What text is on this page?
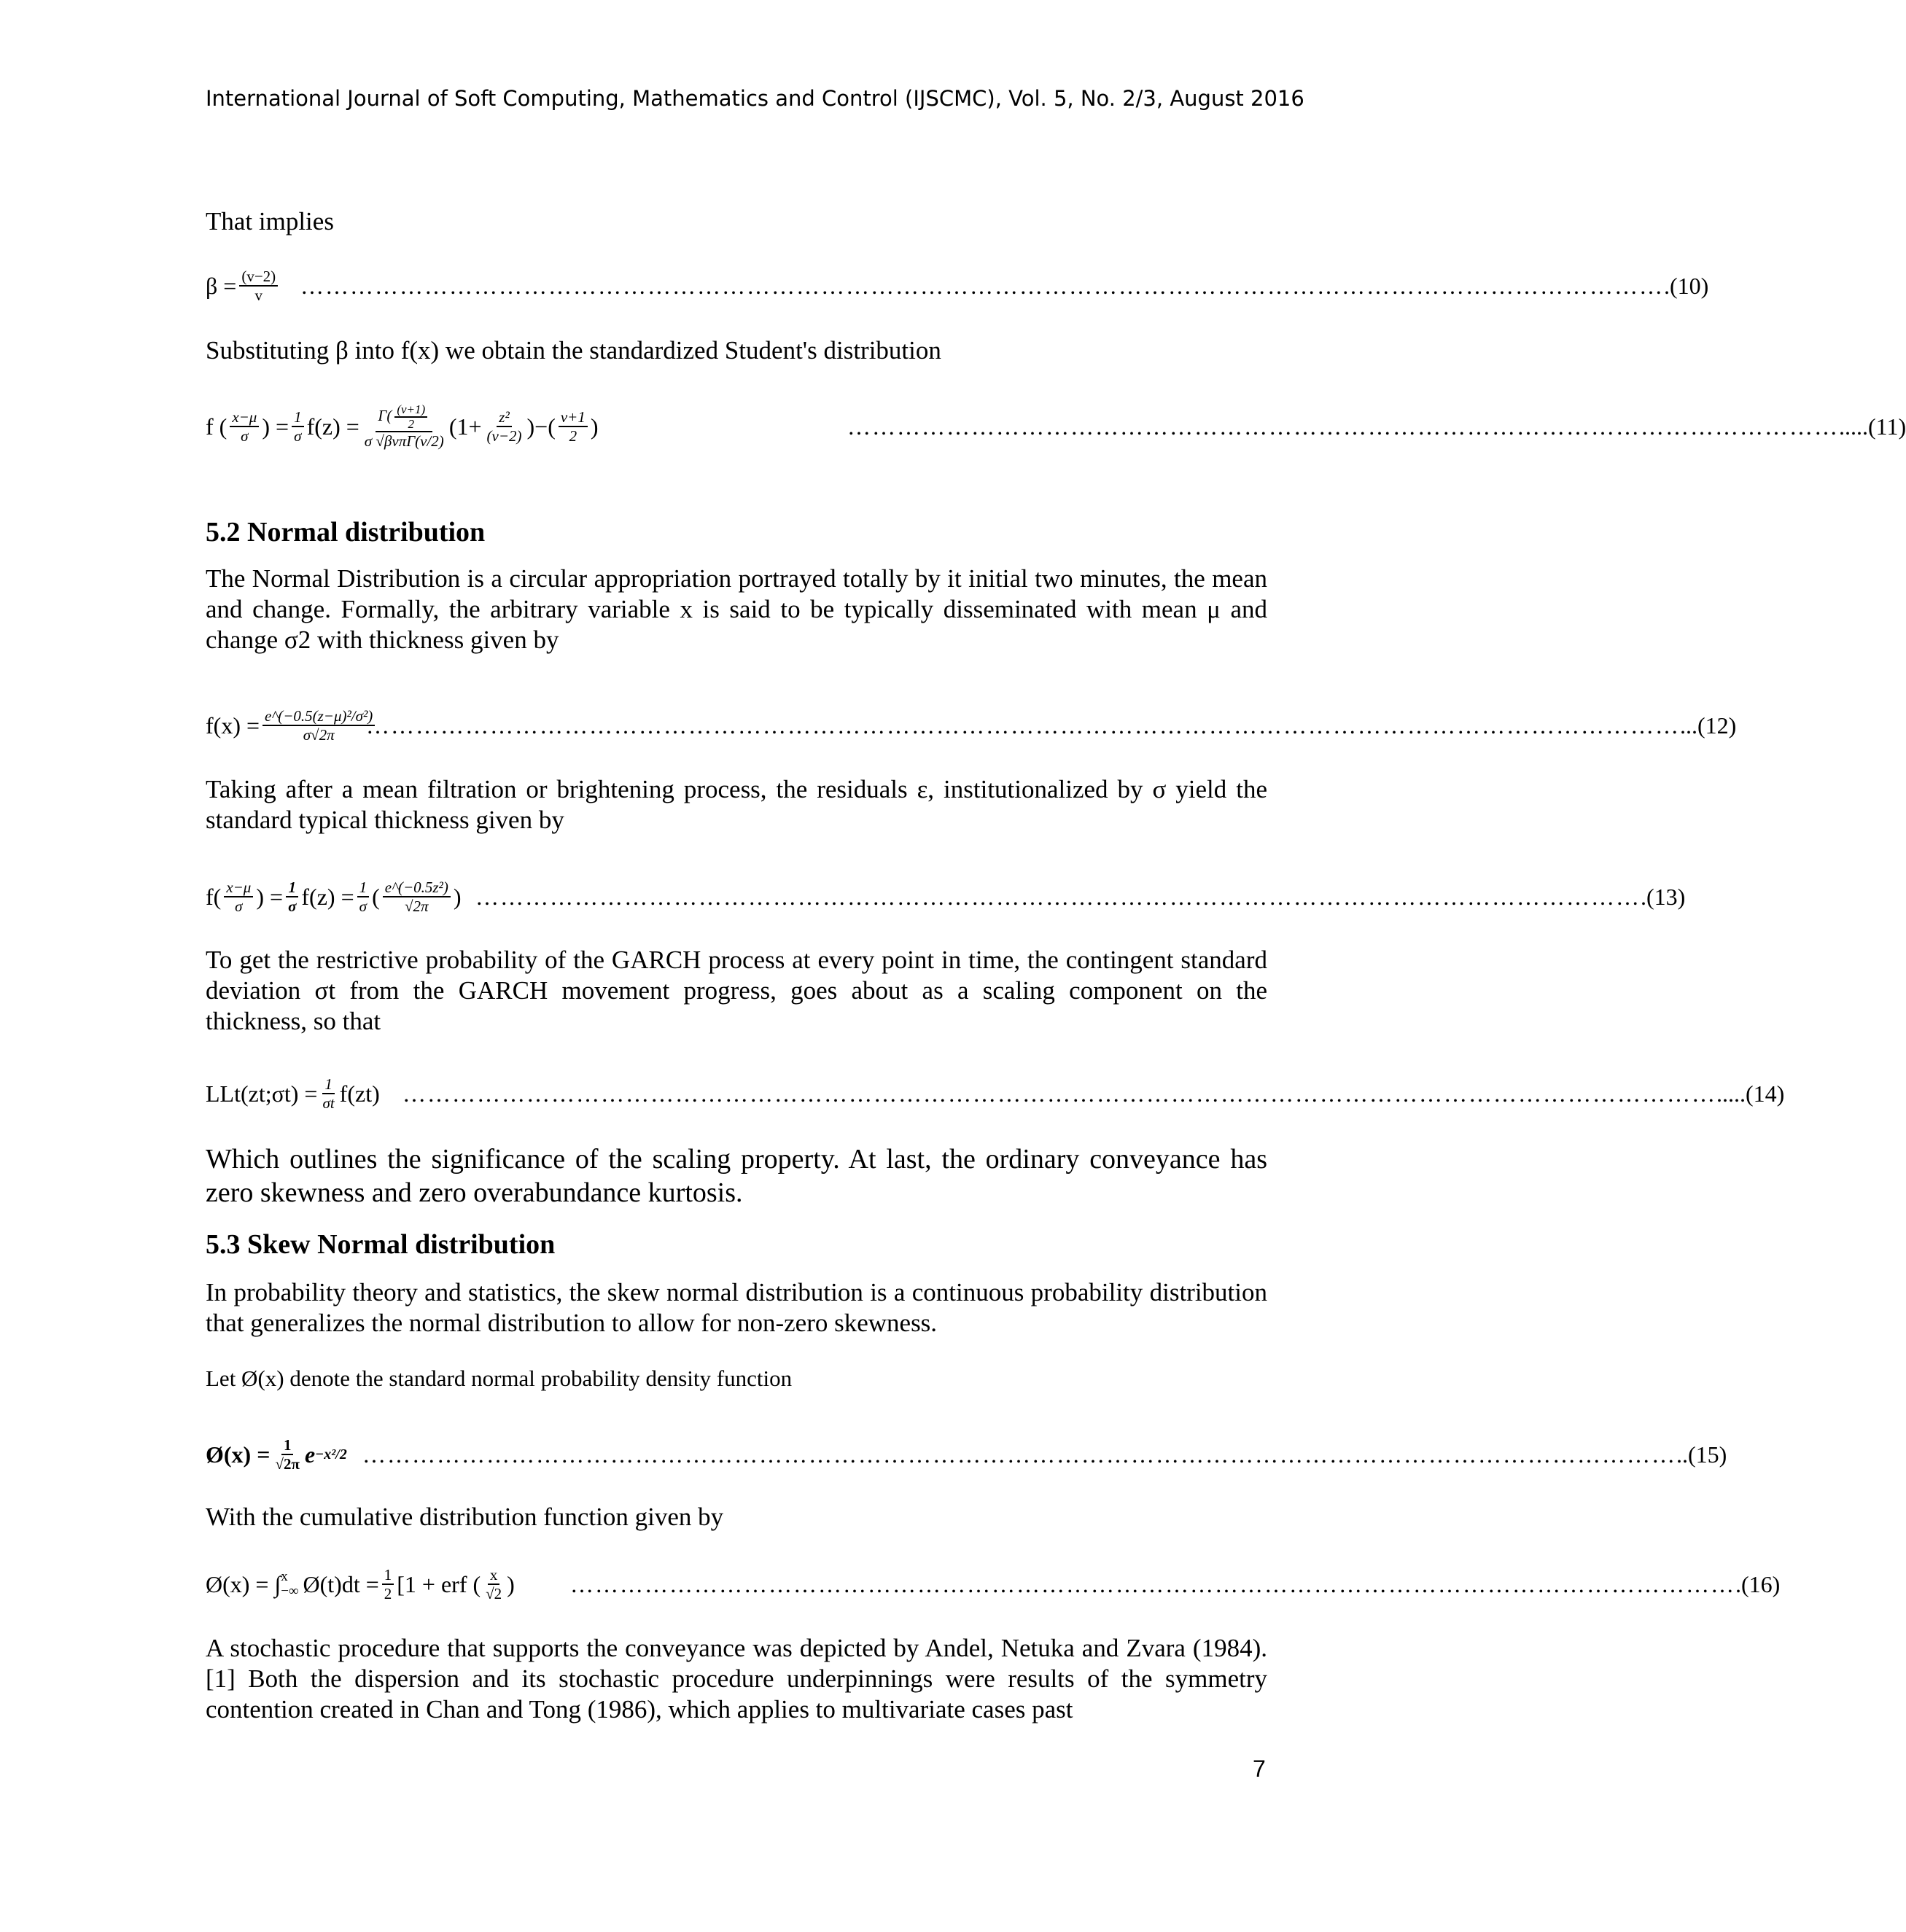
International Journal of Soft Computing, Mathematics and Control (IJSCMC), Vol. 5, No. 2/3, August 2016
That implies
$\beta = \frac{(v-2)}{v}$ ………………………………………………………………………………………………………………………………………………… .(10)
Substituting β into f(x) we obtain the standardized Student's distribution
f ( $\frac{x-\mu}{\sigma}$ ) = $\frac{1}{\sigma} f(z) = \frac{\Gamma( \frac{(v+1)}{2}}{\text{σ √βvπΓ(v/2)}} (1+ \frac{\text{z²}}{(v-2)}$ )−( $\frac{v+1}{2}$ )	………………………………………………………………………………………………………… .....(11)
5.2 Normal distribution
The Normal Distribution is a circular appropriation portrayed totally by it initial two minutes, the mean and change. Formally, the arbitrary variable x is said to be typically disseminated with mean μ and change σ2 with thickness given by
$f(x) = \frac{\text{e\textasciicircum{}(−0.5(z−μ)²/σ²)}}{\sigma√2\pi}$
…………………………………………………………………………………………………………………………………………… ...(12)
Taking after a mean filtration or brightening process, the residuals ε, institutionalized by σ yield the standard typical thickness given by
$f( \frac{x-\mu}{\sigma}$ ) = $\frac{1}{\sigma} f(z) = \frac{1}{\sigma}$ ( $\frac{\text{e\textasciicircum{}(−0.5z²)}}{√2\pi}$ ) …………………………………………………………………………………………………………………………… .(13)
To get the restrictive probability of the GARCH process at every point in time, the contingent standard deviation σt from the GARCH movement progress, goes about as a scaling component on the thickness, so that
LLt(zt;σt) = $\frac{1}{\sigma t} f(zt)$ …………………………………………………………………………………………………………………………………………… .....(14)
Which outlines the significance of the scaling property. At last, the ordinary conveyance has zero skewness and zero overabundance kurtosis.
5.3 Skew Normal distribution
In probability theory and statistics, the skew normal distribution is a continuous probability distribution that generalizes the normal distribution to allow for non-zero skewness.
Let Ø(x) denote the standard normal probability density function
Ø(x) = $\frac{1}{√2\pi}$ e −x²/2 …………………………………………………………………………………………………………………………………………… ..(15)
With the cumulative distribution function given by
Ø(x) = ∫ x
−∞ Ø(t)dt = $\frac{1}{2} [1$ + erf ( $\frac{x}{√2}$ ) …………………………………………………………………………………………………………………………… .(16)
A stochastic procedure that supports the conveyance was depicted by Andel, Netuka and Zvara (1984).[1] Both the dispersion and its stochastic procedure underpinnings were results of the symmetry contention created in Chan and Tong (1986), which applies to multivariate cases past
7
